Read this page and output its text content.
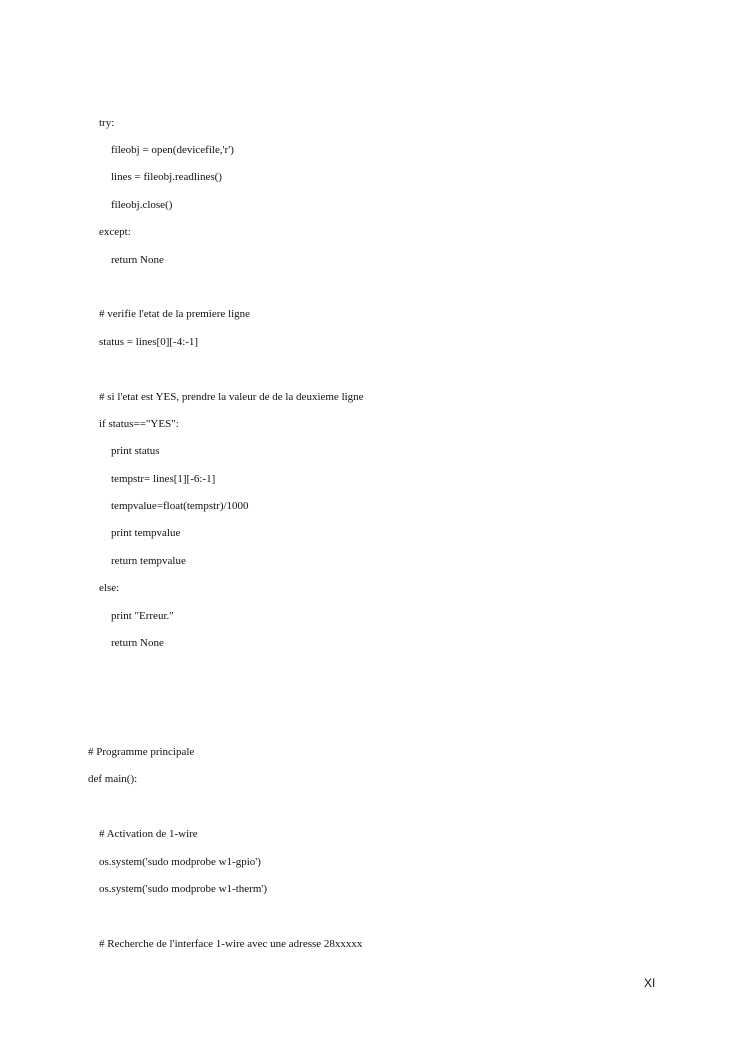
try:
fileobj = open(devicefile,'r')
lines = fileobj.readlines()
fileobj.close()
except:
return None
# verifie l'etat de la premiere ligne
status = lines[0][-4:-1]
# si l'etat est YES, prendre la valeur de de la deuxieme ligne
if status=="YES":
print status
tempstr= lines[1][-6:-1]
tempvalue=float(tempstr)/1000
print tempvalue
return tempvalue
else:
print "Erreur."
return None
# Programme principale
def main():
# Activation de 1-wire
os.system('sudo modprobe w1-gpio')
os.system('sudo modprobe w1-therm')
# Recherche de l'interface 1-wire avec une adresse 28xxxxx
XI
